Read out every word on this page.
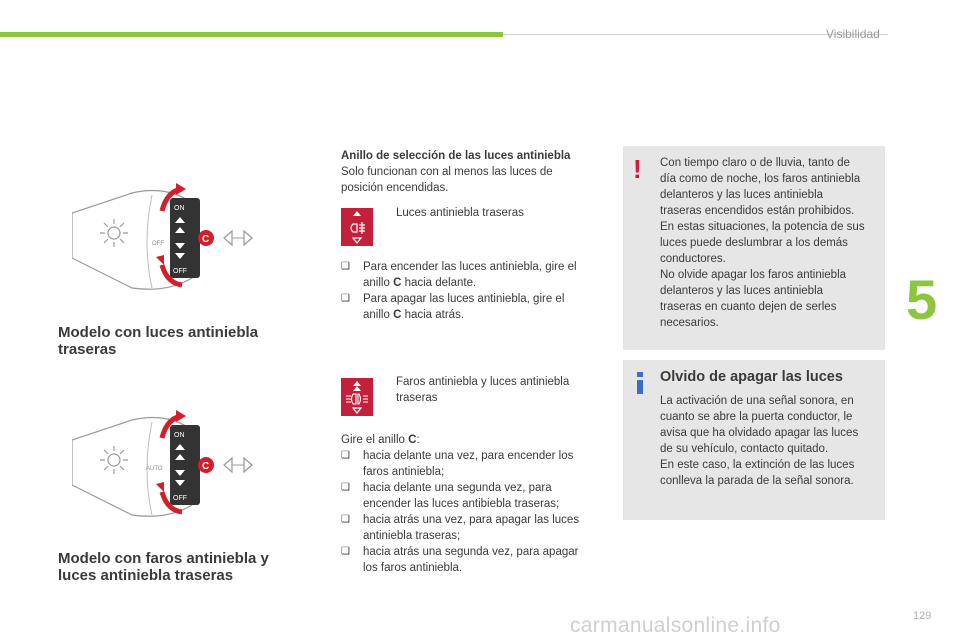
Visibilidad
5
ON
OFF
OFF	C
Modelo con luces antiniebla
traseras
ON
OFF
AUTO	C
Modelo con faros antiniebla y
luces antiniebla traseras

Anillo de selección de las luces antiniebla

Solo funcionan con al menos las luces de

posición encendidas.

Luces antiniebla traseras
❑	Para encender las luces antiniebla, gire el

anillo C hacia delante.

❑	Para apagar las luces antiniebla, gire el

anillo C hacia atrás.

Faros antiniebla y luces antiniebla
traseras

Gire el anillo C:

❑	hacia delante una vez, para encender los

faros antiniebla;

❑	hacia delante una segunda vez, para

encender las luces antibiebla traseras;

❑	hacia atrás una vez, para apagar las luces

antiniebla traseras;

❑	hacia atrás una segunda vez, para apagar

los faros antiniebla.

! Con tiempo claro o de lluvia, tanto de

día como de noche, los faros antiniebla

delanteros y las luces antiniebla

traseras encendidos están prohibidos.

En estas situaciones, la potencia de sus

luces puede deslumbrar a los demás

conductores.

No olvide apagar los faros antiniebla

delanteros y las luces antiniebla

traseras en cuanto dejen de serles

necesarios.

Olvido de apagar las luces

La activación de una señal sonora, en

cuanto se abre la puerta conductor, le

avisa que ha olvidado apagar las luces

de su vehículo, contacto quitado.

En este caso, la extinción de las luces

conlleva la parada de la señal sonora.

carmanualsonline.info	129
